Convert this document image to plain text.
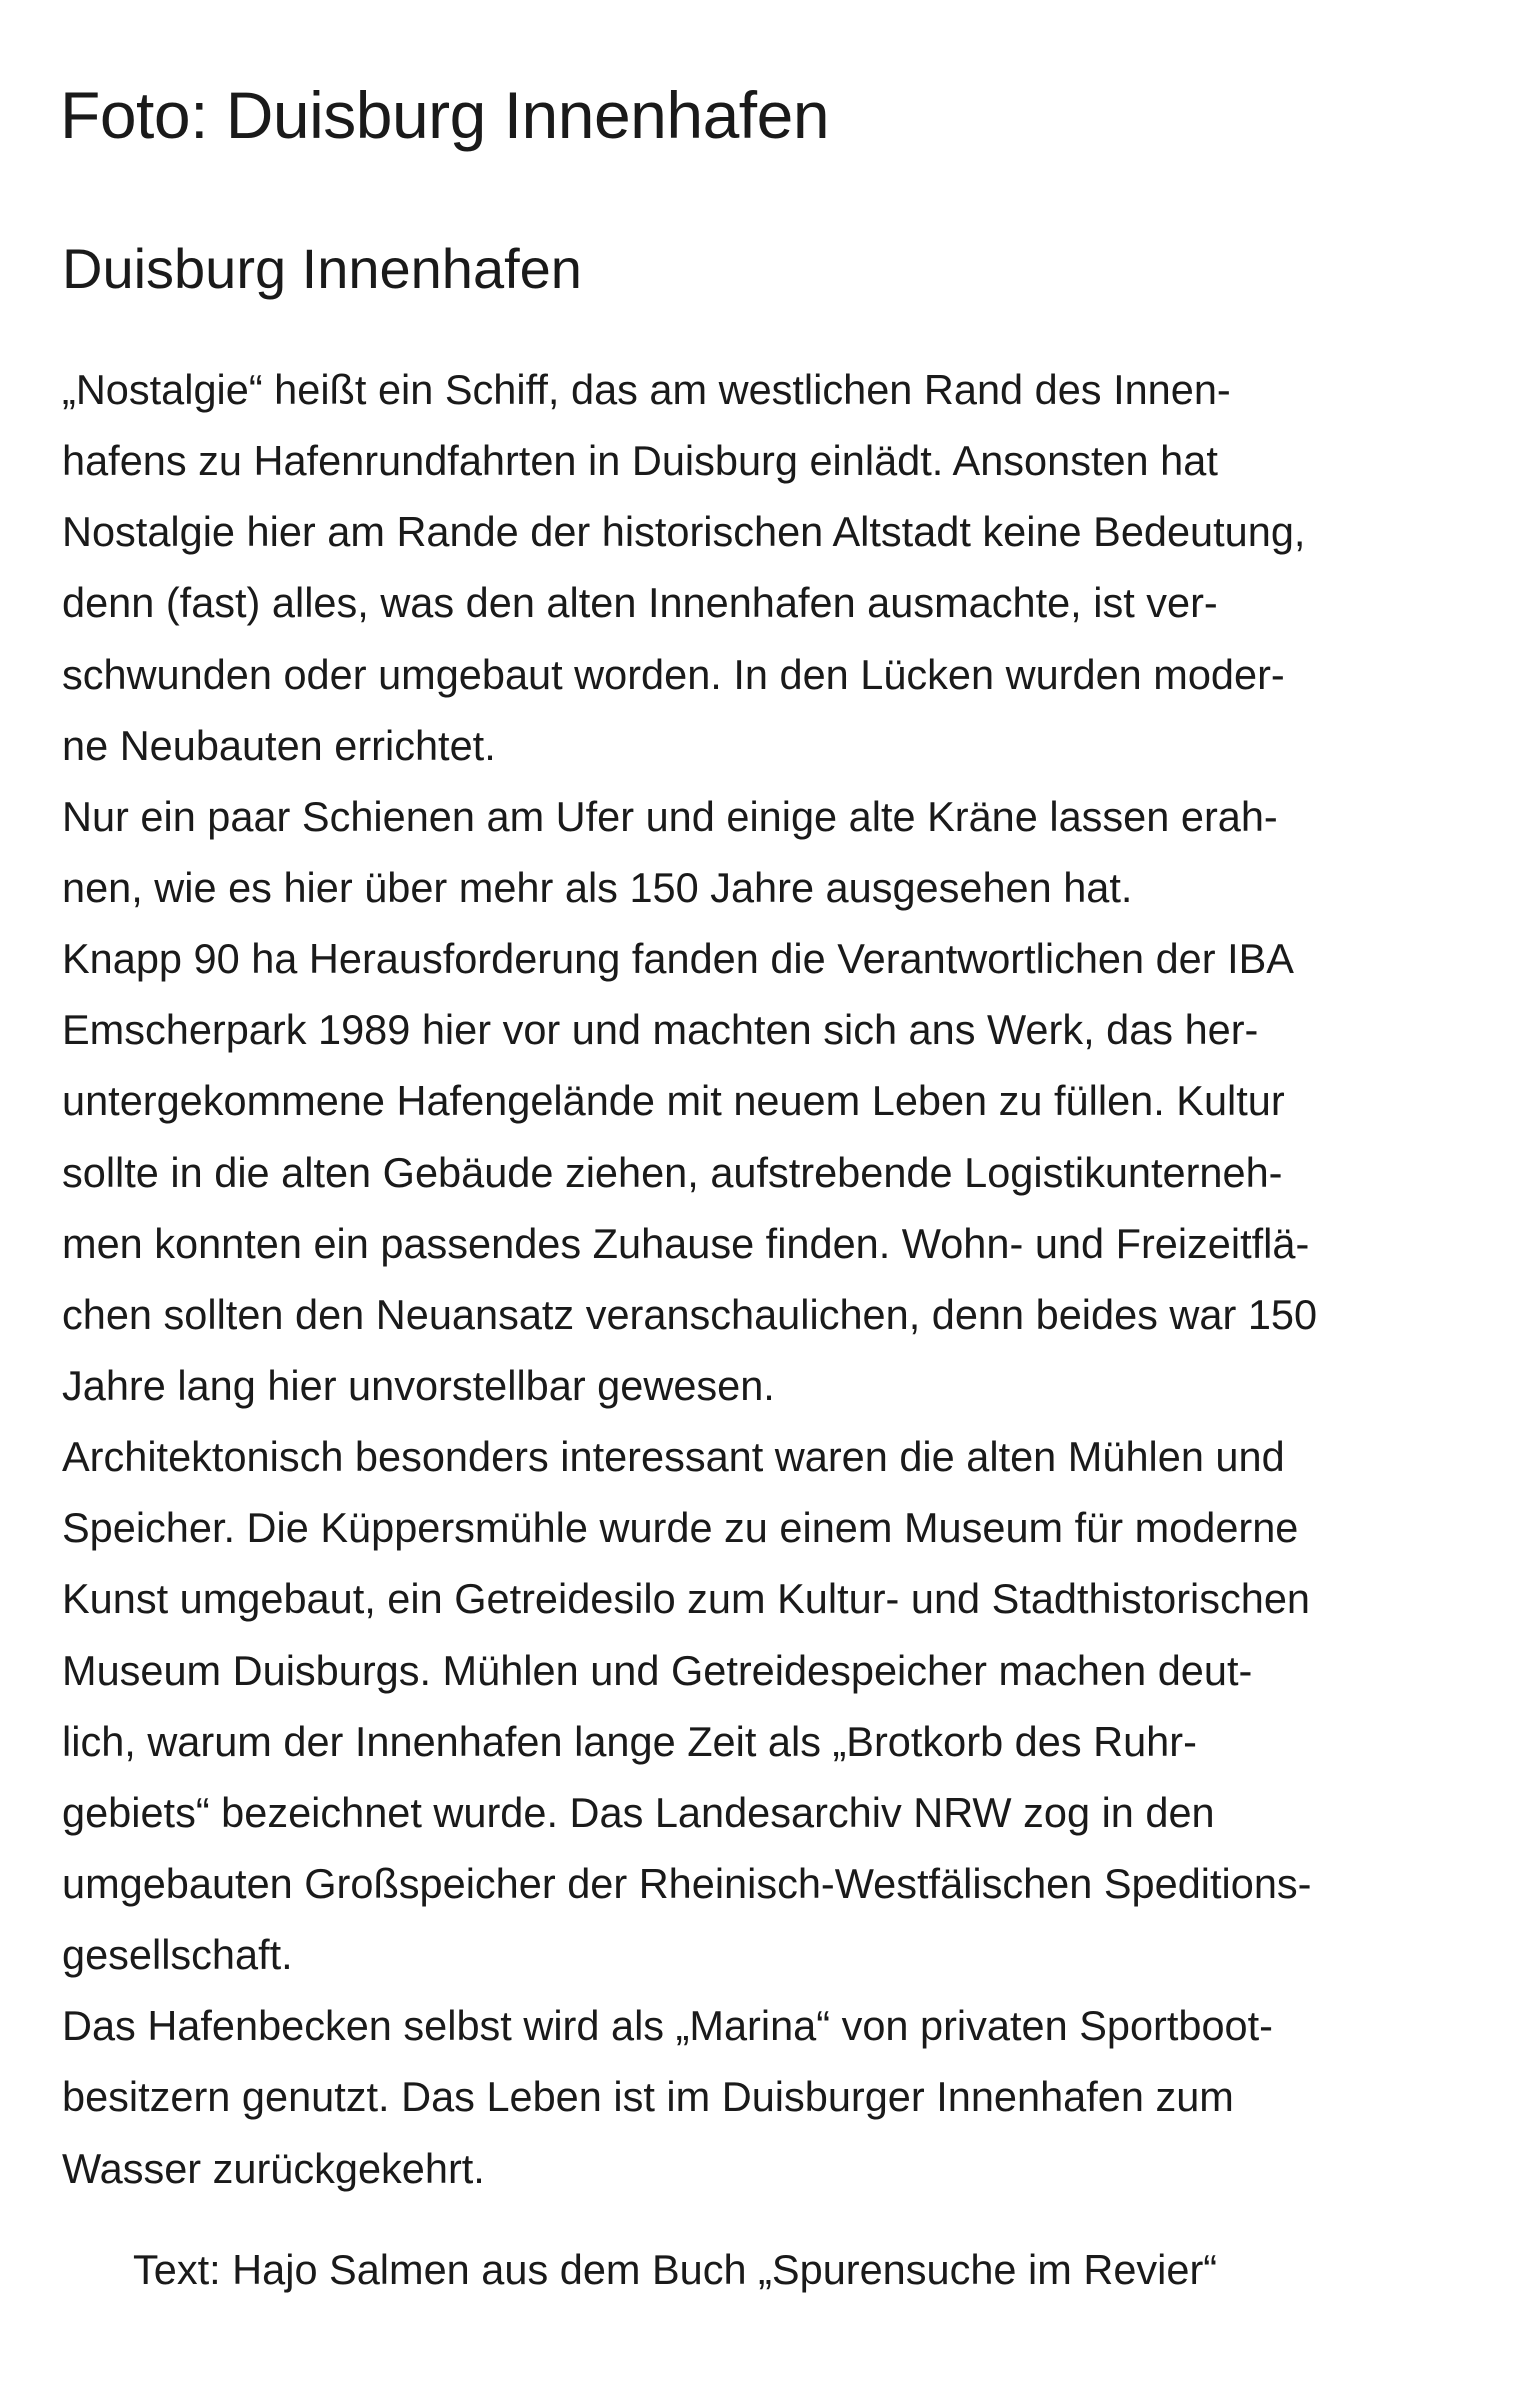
Foto: Duisburg Innenhafen
Duisburg Innenhafen
„Nostalgie“ heißt ein Schiff, das am westlichen Rand des Innen-
hafens zu Hafenrundfahrten in Duisburg einlädt. Ansonsten hat
Nostalgie hier am Rande der historischen Altstadt keine Bedeutung,
denn (fast) alles, was den alten Innenhafen ausmachte, ist ver-
schwunden oder umgebaut worden. In den Lücken wurden moder-
ne Neubauten errichtet.
Nur ein paar Schienen am Ufer und einige alte Kräne lassen erah-
nen, wie es hier über mehr als 150 Jahre ausgesehen hat.
Knapp 90 ha Herausforderung fanden die Verantwortlichen der IBA
Emscherpark 1989 hier vor und machten sich ans Werk, das her-
untergekommene Hafengelände mit neuem Leben zu füllen. Kultur
sollte in die alten Gebäude ziehen, aufstrebende Logistikunterneh-
men konnten ein passendes Zuhause finden. Wohn- und Freizeitflä-
chen sollten den Neuansatz veranschaulichen, denn beides war 150
Jahre lang hier unvorstellbar gewesen.
Architektonisch besonders interessant waren die alten Mühlen und
Speicher. Die Küppersmühle wurde zu einem Museum für moderne
Kunst umgebaut, ein Getreidesilo zum Kultur- und Stadthistorischen
Museum Duisburgs. Mühlen und Getreidespeicher machen deut-
lich, warum der Innenhafen lange Zeit als „Brotkorb des Ruhr-
gebiets“ bezeichnet wurde. Das Landesarchiv NRW zog in den
umgebauten Großspeicher der Rheinisch-Westfälischen Speditions-
gesellschaft.
Das Hafenbecken selbst wird als „Marina“ von privaten Sportboot-
besitzern genutzt. Das Leben ist im Duisburger Innenhafen zum
Wasser zurückgekehrt.

Text: Hajo Salmen aus dem Buch „Spurensuche im Revier“
